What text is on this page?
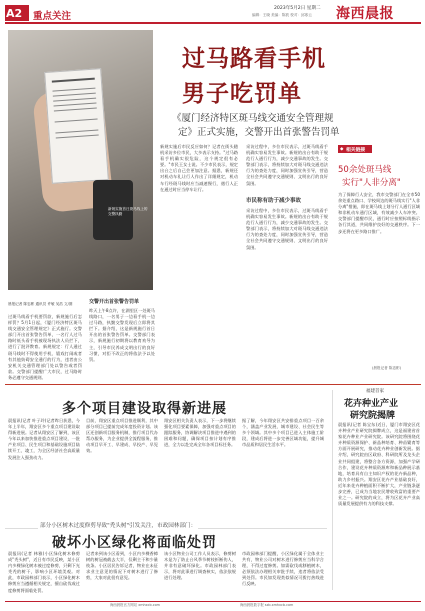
A2 重点关注
2023年5月2日 星期二
编辑：王晓 美编：陈波 校对：邱寒云 海西晨报
新规实施首日斑马线上的交警执勤
晨报记者 陈忠彬 通讯员 许敏 吴浩 文/图

过斑马线看手机要罚款，新规施行后怎样罚？5月1日起，《厦门经济特区斑马线交通安全管理规定》正式施行。交警部门开出首张警告罚单，一名行人过马路时低头看手机被现场执法人员拦下，进行了批评教育。新规规定：行人通过斑马线时不得使用手机、嬉戏打闹或者有其他妨碍安全通行的行为，违者由公安机关交通管理部门处以警告或者罚款。交警部门提醒广大市民，过马路时务必遵守交通规则。

交警开出首张警告罚单

昨天上午8点许，在湖里区一处斑马线路口，一名男子一边看手机一边过马路，执勤交警发现后立即将其拦下。据介绍，这是新规施行首日开出的首张警告罚单。交警部门表示，新规施行初期将以教育劝导为主，引导市民养成文明出行的良好习惯，对拒不改正的将依法予以处罚。

过马路看手机
男子吃罚单
《厦门经济特区斑马线交通安全管理规
定》正式实施，交警开出首张警告罚单

新规实施后市民反应如何？记者在街头随机采访多位市民，大多表示支持。"过马路看手机确实很危险，这个规定很有必要。"市民王女士说。不少市民表示，规定出台之后自己会更加注意。据悉，新规还对机动车礼让行人作出了详细规定，机动车行经斑马线时应当减速慢行，遇行人正在通过时应当停车让行。

市民称有助于减少事故

采访过程中，多位市民表示，过斑马线看手机确实容易发生事故。新规的出台有助于规范行人通行行为，减少交通事故的发生。交警部门表示，将持续加大对斑马线交通违法行为的查处力度，同时加强宣传引导，营造全社会共同遵守交通规则、文明出行的良好氛围。

采访过程中，多位市民表示，过斑马线看手机确实容易发生事故。新规的出台有助于规范行人通行行为，减少交通事故的发生。交警部门表示，将持续加大对斑马线交通违法行为的查处力度，同时加强宣传引导，营造全社会共同遵守交通规则、文明出行的良好氛围。

◆ 相关链接
50余处斑马线
实行"人非分离"

为了保障行人安全，我市交警部门在全市50余处重点路口、学校周边的斑马线实行"人非分离"措施，即在斑马线上划分行人通行区域和非机动车通行区域，有效减少人车冲突。交警部门提醒市民，通行时应按照标线指示各行其道，共同维护良好的交通秩序。下一步还将在更多路口推广。

(晨报记者 陈忠彬)
多个项目建设取得新进展

晨报讯(记者 叶子玲)记者昨日获悉，今年上半年，翔安区多个重点项目建设取得新进展。记者从翔安区了解到，该区今年以来加快推进重点项目建设，一批产业项目、民生项目和基础设施项目陆续开工、竣工，为全区经济社会高质量发展注入强劲动力。

目前，翔安区重点项目推进顺利，其中部分项目已提前完成年度投资计划。该区还创新项目服务机制，推行项目代办帮办服务，为企业提供全流程服务，推动项目早开工、早建成、早投产、早见效。

翔安区相关负责人表示，下一步将继续强化项目要素保障，加强对重点项目的跟踪服务，协调解决项目推进中遇到的困难和问题，确保项目按计划有序推进，全力以赴完成全年各项目标任务。

据了解，今年翔安区共安排重点项目一百余个，涵盖产业发展、城市建设、社会民生等多个领域。其中多个项目已进入主体施工阶段，建成后将进一步完善区域功能，提升城市品质和居民生活水平。

福建首家
花卉种业产业
研究院揭牌

晨报讯(记者 陈宝东)近日，厦门市翔安区花卉种业产业研究院揭牌成立，这是福建省首家花卉种业产业研究院。该研究院将围绕花卉种质资源保护、新品种培育、种苗繁育等方面开展研究，推动花卉种业创新发展。据介绍，研究院由区政府、科研院所及龙头企业共同组建，将整合各方资源，加强产学研合作，建设花卉种质资源库和新品种展示基地，培育具有自主知识产权的花卉新品种，助力乡村振兴。翔安区花卉产业基础良好，近年来花卉种植面积不断扩大，产业链条逐步完善，已成为当地农民增收致富的重要产业之一。研究院的成立，将为区花卉产业高质量发展提供有力的科技支撑。

部分小区树木过度修剪导致"秃头树"引发关注，市政园林部门：
破坏小区绿化将面临处罚

晨报讯(记者 林雅)小区绿化树木修剪成"秃头树"，近日有市民反映，某小区内多棵绿化树木被过度修剪，只剩下光秃秃的树干，影响小区环境美观。对此，市政园林部门表示，小区绿化树木修剪应当遵循相关规定，擅自砍伐或过度修剪将面临处罚。

记者来到该小区看到，小区内多棵香樟树的树冠被截去大半，仅剩主干和少量枝条。小区居民告诉记者，物业在未征求业主意见的情况下对树木进行了修剪，大家对此很有意见。

该小区物业公司工作人员表示，修剪树木是为了防止台风季节树枝折断伤人，并非有意破坏绿化。市政园林部门表示，将对此事进行调查核实，依法依规进行处理。

市政园林部门提醒，小区绿化属于全体业主共有，物业公司对树木进行修剪应当科学合理，不得过度修剪。如需砍伐或移植树木，必须依法办理相关审批手续，违者将依法受到处罚。市民如发现类似情况可拨打热线进行反映。

海西晨报官方网站 xmhxcb.com	海西晨报数字报 szb.xmhxcb.com
